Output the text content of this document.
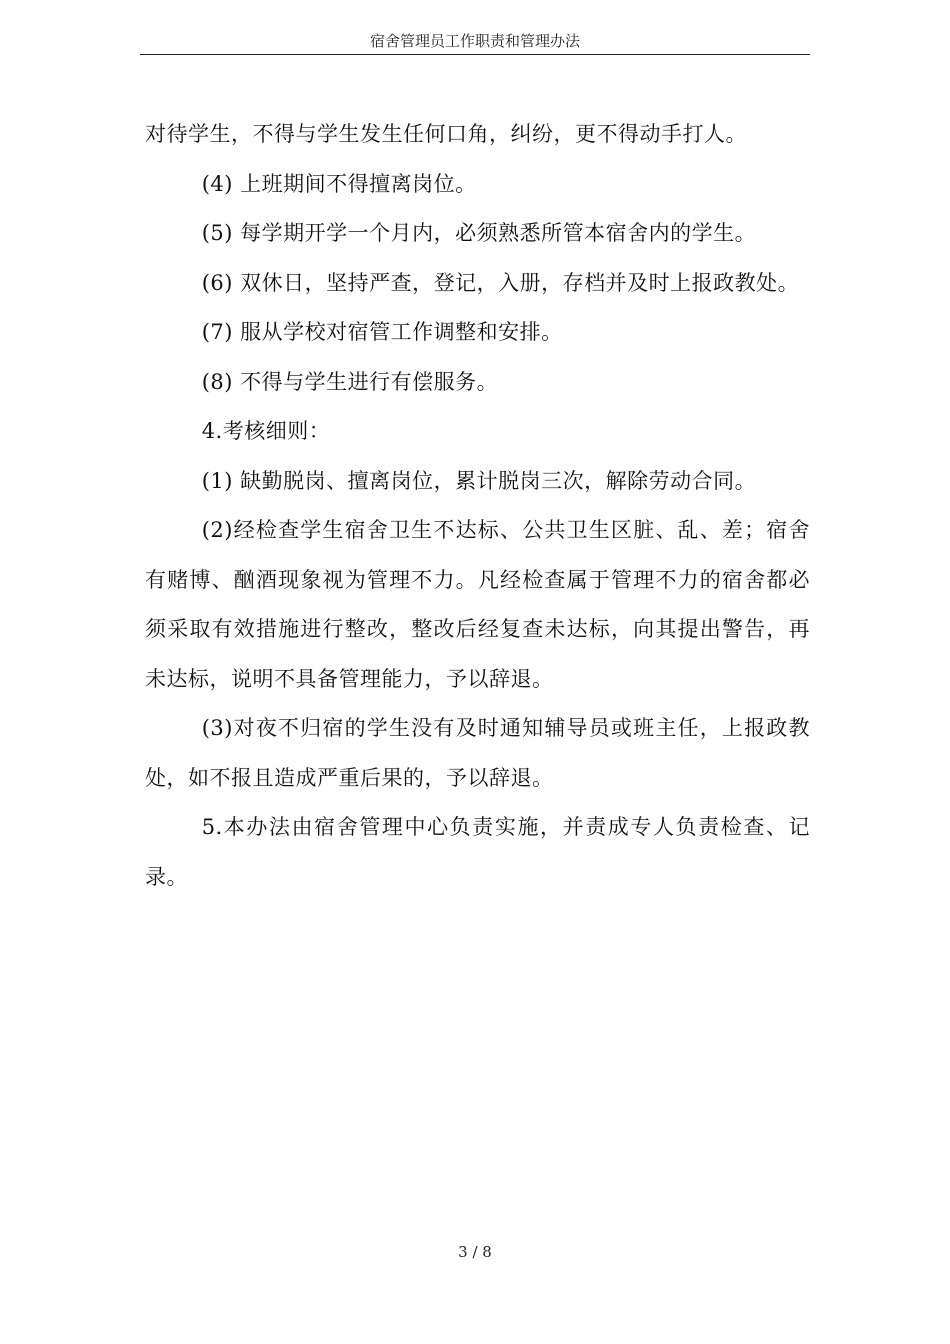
宿舍管理员工作职责和管理办法

对待学生，不得与学生发生任何口角，纠纷，更不得动手打人。

(4) 上班期间不得擅离岗位。

(5) 每学期开学一个月内，必须熟悉所管本宿舍内的学生。

(6) 双休日，坚持严查，登记，入册，存档并及时上报政教处。

(7) 服从学校对宿管工作调整和安排。

(8) 不得与学生进行有偿服务。

4.考核细则：

(1) 缺勤脱岗、擅离岗位，累计脱岗三次，解除劳动合同。

(2)经检查学生宿舍卫生不达标、公共卫生区脏、乱、差；宿舍有赌博、酗酒现象视为管理不力。凡经检查属于管理不力的宿舍都必须采取有效措施进行整改，整改后经复查未达标，向其提出警告，再未达标，说明不具备管理能力，予以辞退。

(3)对夜不归宿的学生没有及时通知辅导员或班主任，上报政教处，如不报且造成严重后果的，予以辞退。

5.本办法由宿舍管理中心负责实施，并责成专人负责检查、记录。

3 / 8
